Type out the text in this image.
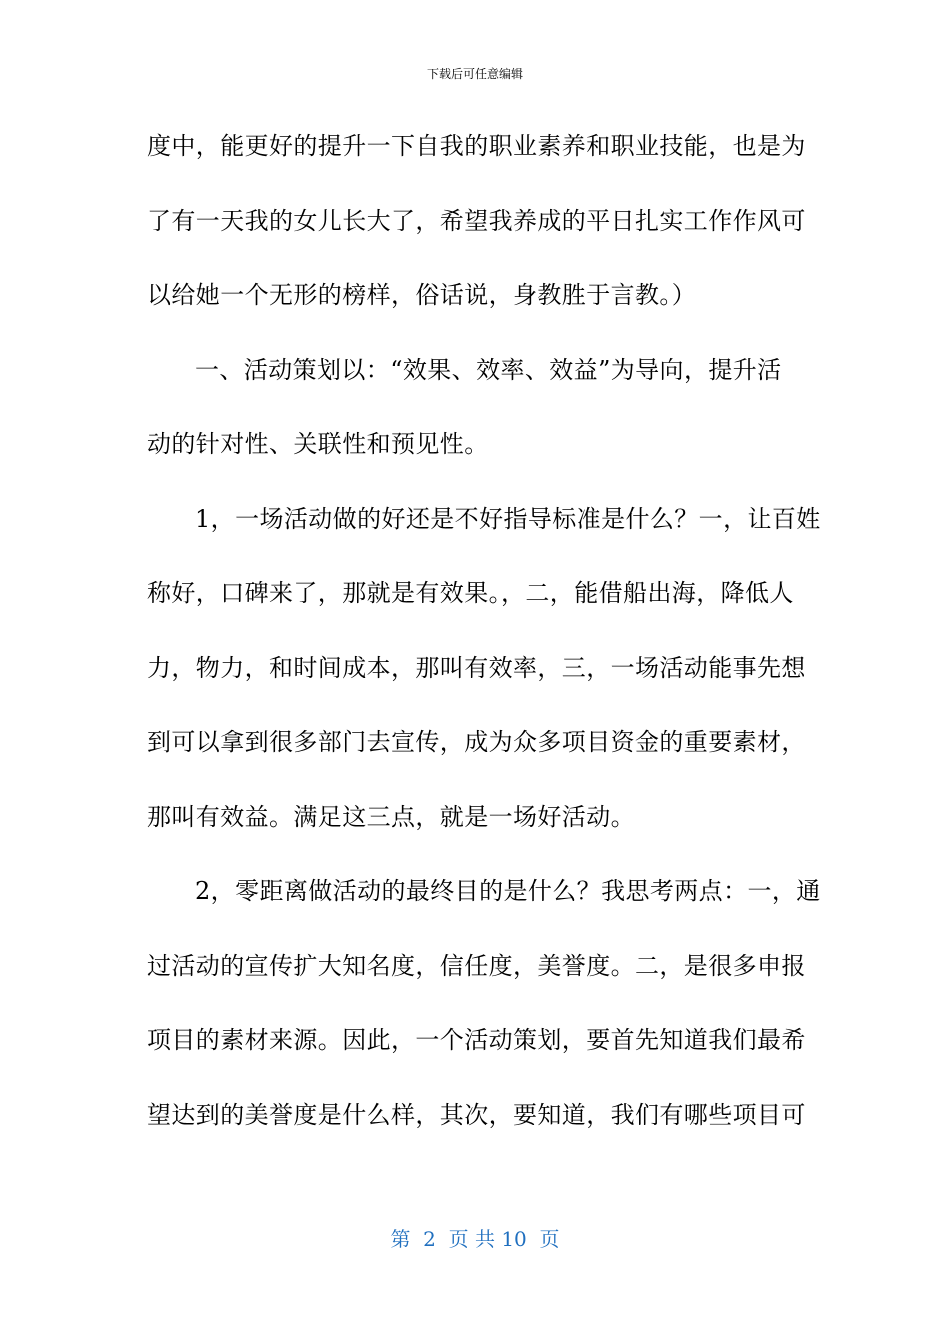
下载后可任意编辑
度中，能更好的提升一下自我的职业素养和职业技能，也是为
了有一天我的女儿长大了，希望我养成的平日扎实工作作风可
以给她一个无形的榜样，俗话说，身教胜于言教。）
一、活动策划以：“效果、效率、效益”为导向，提升活
动的针对性、关联性和预见性。
1，一场活动做的好还是不好指导标准是什么？一，让百姓
称好，口碑来了，那就是有效果。，二，能借船出海，降低人
力，物力，和时间成本，那叫有效率，三，一场活动能事先想
到可以拿到很多部门去宣传，成为众多项目资金的重要素材，
那叫有效益。满足这三点，就是一场好活动。
2，零距离做活动的最终目的是什么？我思考两点：一，通
过活动的宣传扩大知名度，信任度，美誉度。二，是很多申报
项目的素材来源。因此，一个活动策划，要首先知道我们最希
望达到的美誉度是什么样，其次，要知道，我们有哪些项目可
第  2  页 共 10  页
